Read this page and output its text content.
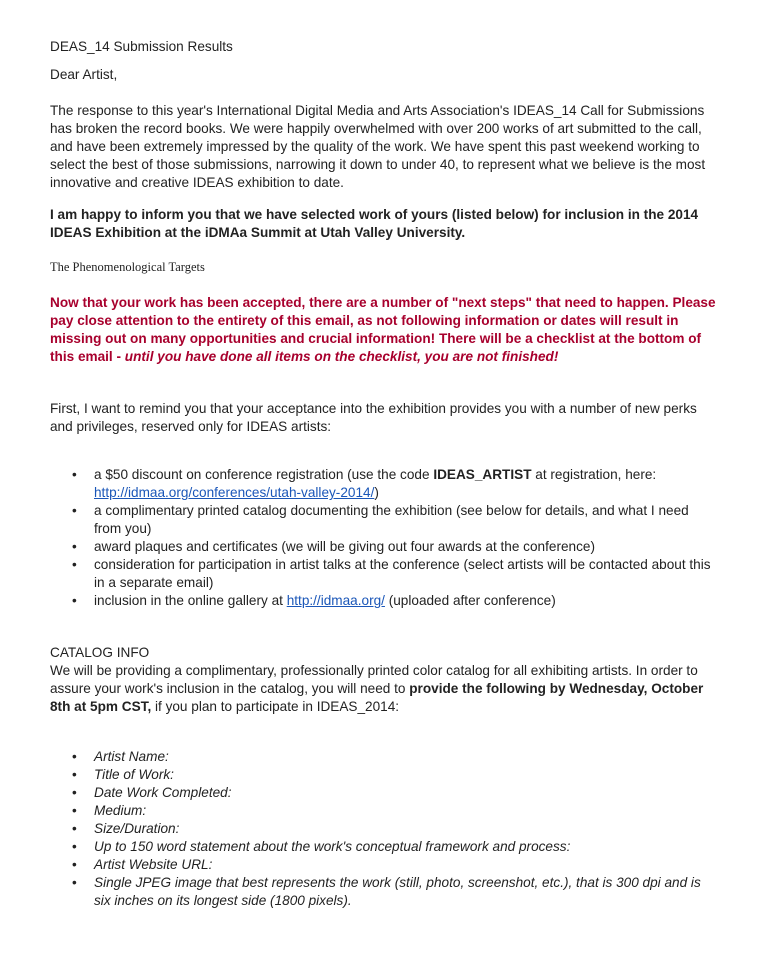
DEAS_14 Submission Results

Dear Artist,

The response to this year's International Digital Media and Arts Association's IDEAS_14 Call for Submissions has broken the record books. We were happily overwhelmed with over 200 works of art submitted to the call, and have been extremely impressed by the quality of the work. We have spent this past weekend working to select the best of those submissions, narrowing it down to under 40, to represent what we believe is the most innovative and creative IDEAS exhibition to date.

I am happy to inform you that we have selected work of yours (listed below) for inclusion in the 2014 IDEAS Exhibition at the iDMAa Summit at Utah Valley University.

The Phenomenological Targets

Now that your work has been accepted, there are a number of "next steps" that need to happen. Please pay close attention to the entirety of this email, as not following information or dates will result in missing out on many opportunities and crucial information! There will be a checklist at the bottom of this email - until you have done all items on the checklist, you are not finished!

First, I want to remind you that your acceptance into the exhibition provides you with a number of new perks and privileges, reserved only for IDEAS artists:

• a $50 discount on conference registration (use the code IDEAS_ARTIST at registration, here: http://idmaa.org/conferences/utah-valley-2014/)
• a complimentary printed catalog documenting the exhibition (see below for details, and what I need from you)
• award plaques and certificates (we will be giving out four awards at the conference)
• consideration for participation in artist talks at the conference (select artists will be contacted about this in a separate email)
• inclusion in the online gallery at http://idmaa.org/ (uploaded after conference)

CATALOG INFO

We will be providing a complimentary, professionally printed color catalog for all exhibiting artists. In order to assure your work's inclusion in the catalog, you will need to provide the following by Wednesday, October 8th at 5pm CST, if you plan to participate in IDEAS_2014:

• Artist Name:
• Title of Work:
• Date Work Completed:
• Medium:
• Size/Duration:
• Up to 150 word statement about the work's conceptual framework and process:
• Artist Website URL:
• Single JPEG image that best represents the work (still, photo, screenshot, etc.), that is 300 dpi and is six inches on its longest side (1800 pixels).
